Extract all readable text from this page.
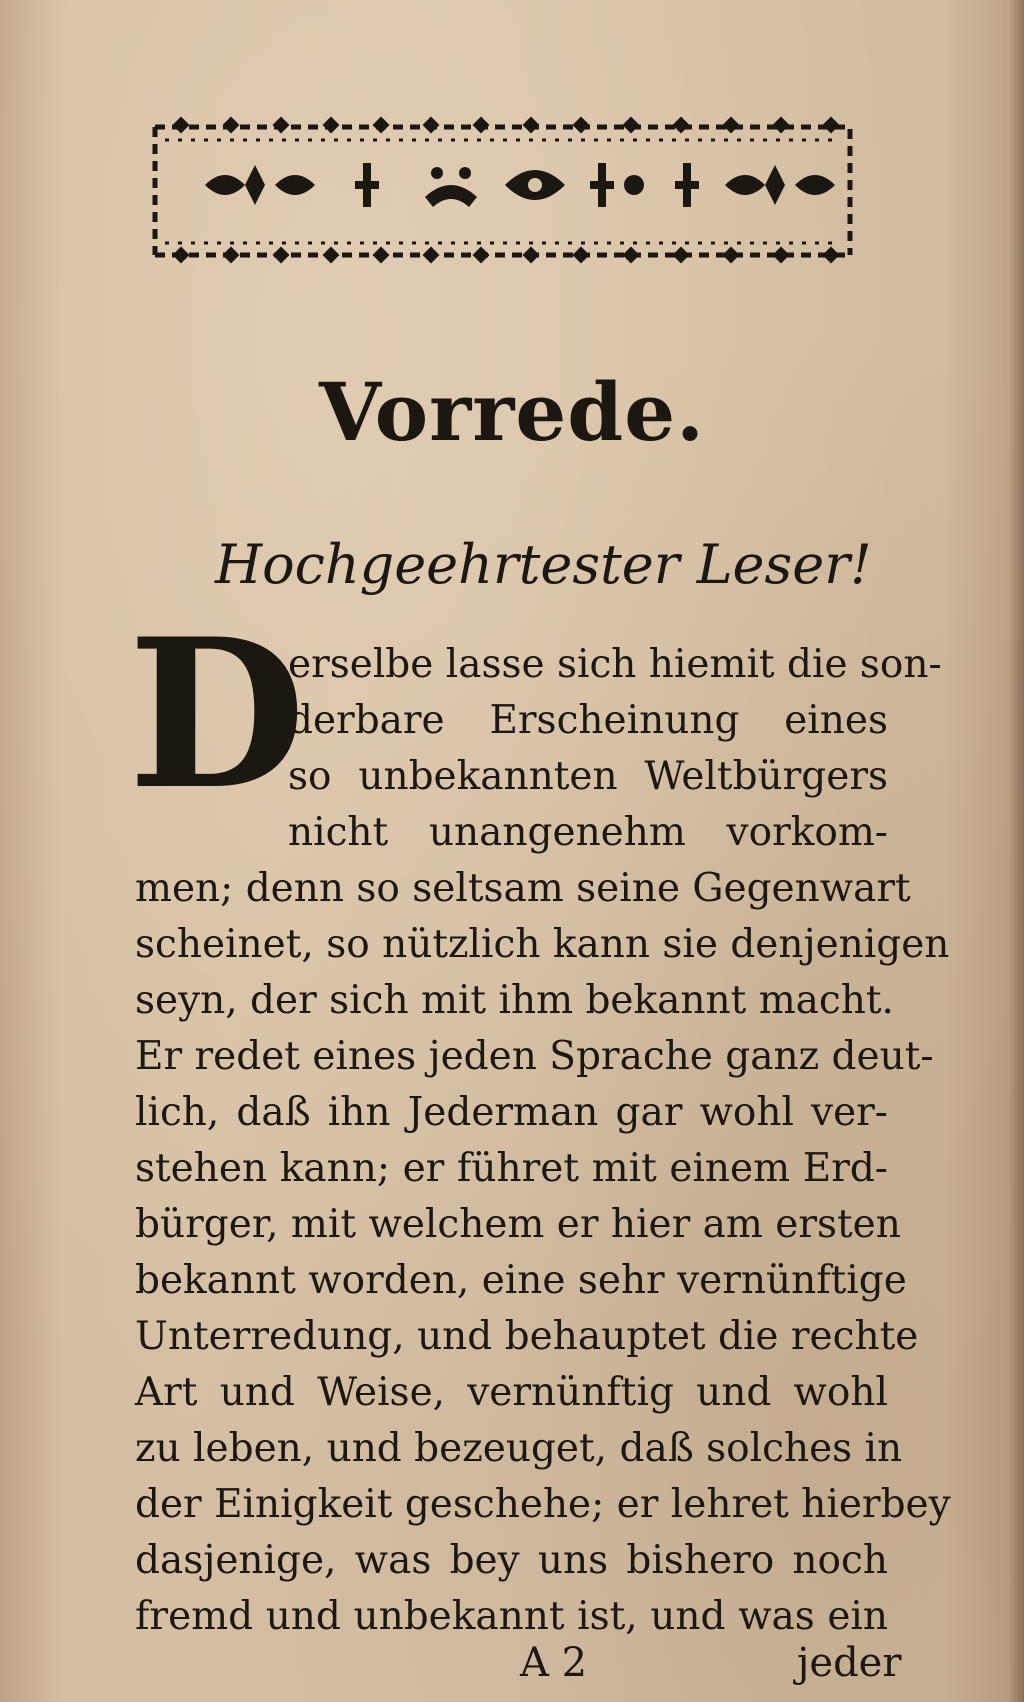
Vorrede.
Hochgeehrtester Leser!
D
erselbe lasse sich hiemit die son-
derbare Erscheinung eines
so unbekannten Weltbürgers
nicht unangenehm vorkom-
men; denn so seltsam seine Gegenwart
scheinet, so nützlich kann sie denjenigen
seyn, der sich mit ihm bekannt macht.
Er redet eines jeden Sprache ganz deut-
lich, daß ihn Jederman gar wohl ver-
stehen kann; er führet mit einem Erd-
bürger, mit welchem er hier am ersten
bekannt worden, eine sehr vernünftige
Unterredung, und behauptet die rechte
Art und Weise, vernünftig und wohl
zu leben, und bezeuget, daß solches in
der Einigkeit geschehe; er lehret hierbey
dasjenige, was bey uns bishero noch
fremd und unbekannt ist, und was ein
A 2	jeder
